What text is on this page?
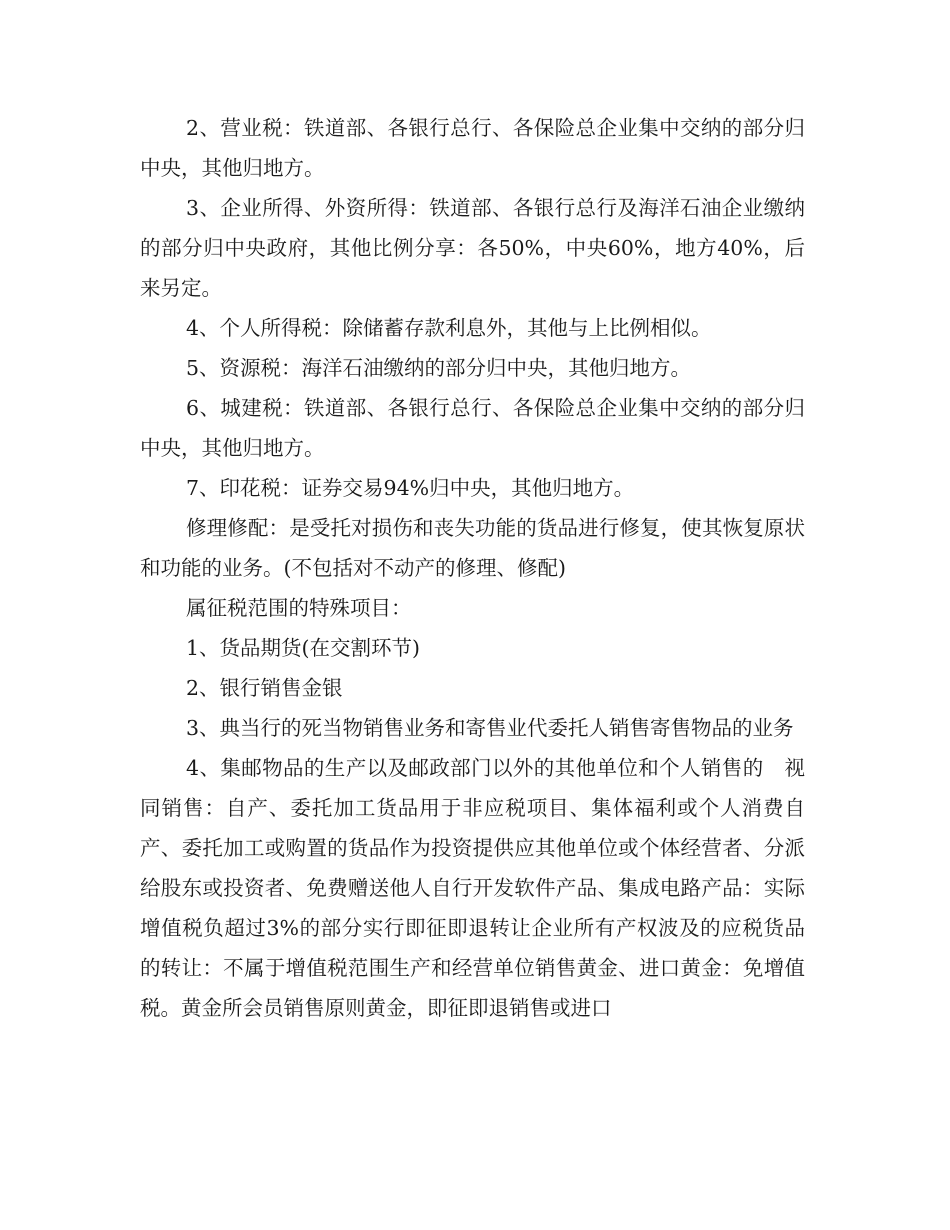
2、营业税：铁道部、各银行总行、各保险总企业集中交纳的部分归中央，其他归地方。

3、企业所得、外资所得：铁道部、各银行总行及海洋石油企业缴纳的部分归中央政府，其他比例分享：各50%，中央60%，地方40%，后来另定。

4、个人所得税：除储蓄存款利息外，其他与上比例相似。

5、资源税：海洋石油缴纳的部分归中央，其他归地方。

6、城建税：铁道部、各银行总行、各保险总企业集中交纳的部分归中央，其他归地方。

7、印花税：证券交易94%归中央，其他归地方。

修理修配：是受托对损伤和丧失功能的货品进行修复，使其恢复原状和功能的业务。(不包括对不动产的修理、修配)

属征税范围的特殊项目：

1、货品期货(在交割环节)

2、银行销售金银

3、典当行的死当物销售业务和寄售业代委托人销售寄售物品的业务

4、集邮物品的生产以及邮政部门以外的其他单位和个人销售的　视同销售：自产、委托加工货品用于非应税项目、集体福利或个人消费自产、委托加工或购置的货品作为投资提供应其他单位或个体经营者、分派给股东或投资者、免费赠送他人自行开发软件产品、集成电路产品：实际增值税负超过3%的部分实行即征即退转让企业所有产权波及的应税货品的转让：不属于增值税范围生产和经营单位销售黄金、进口黄金：免增值税。黄金所会员销售原则黄金，即征即退销售或进口
